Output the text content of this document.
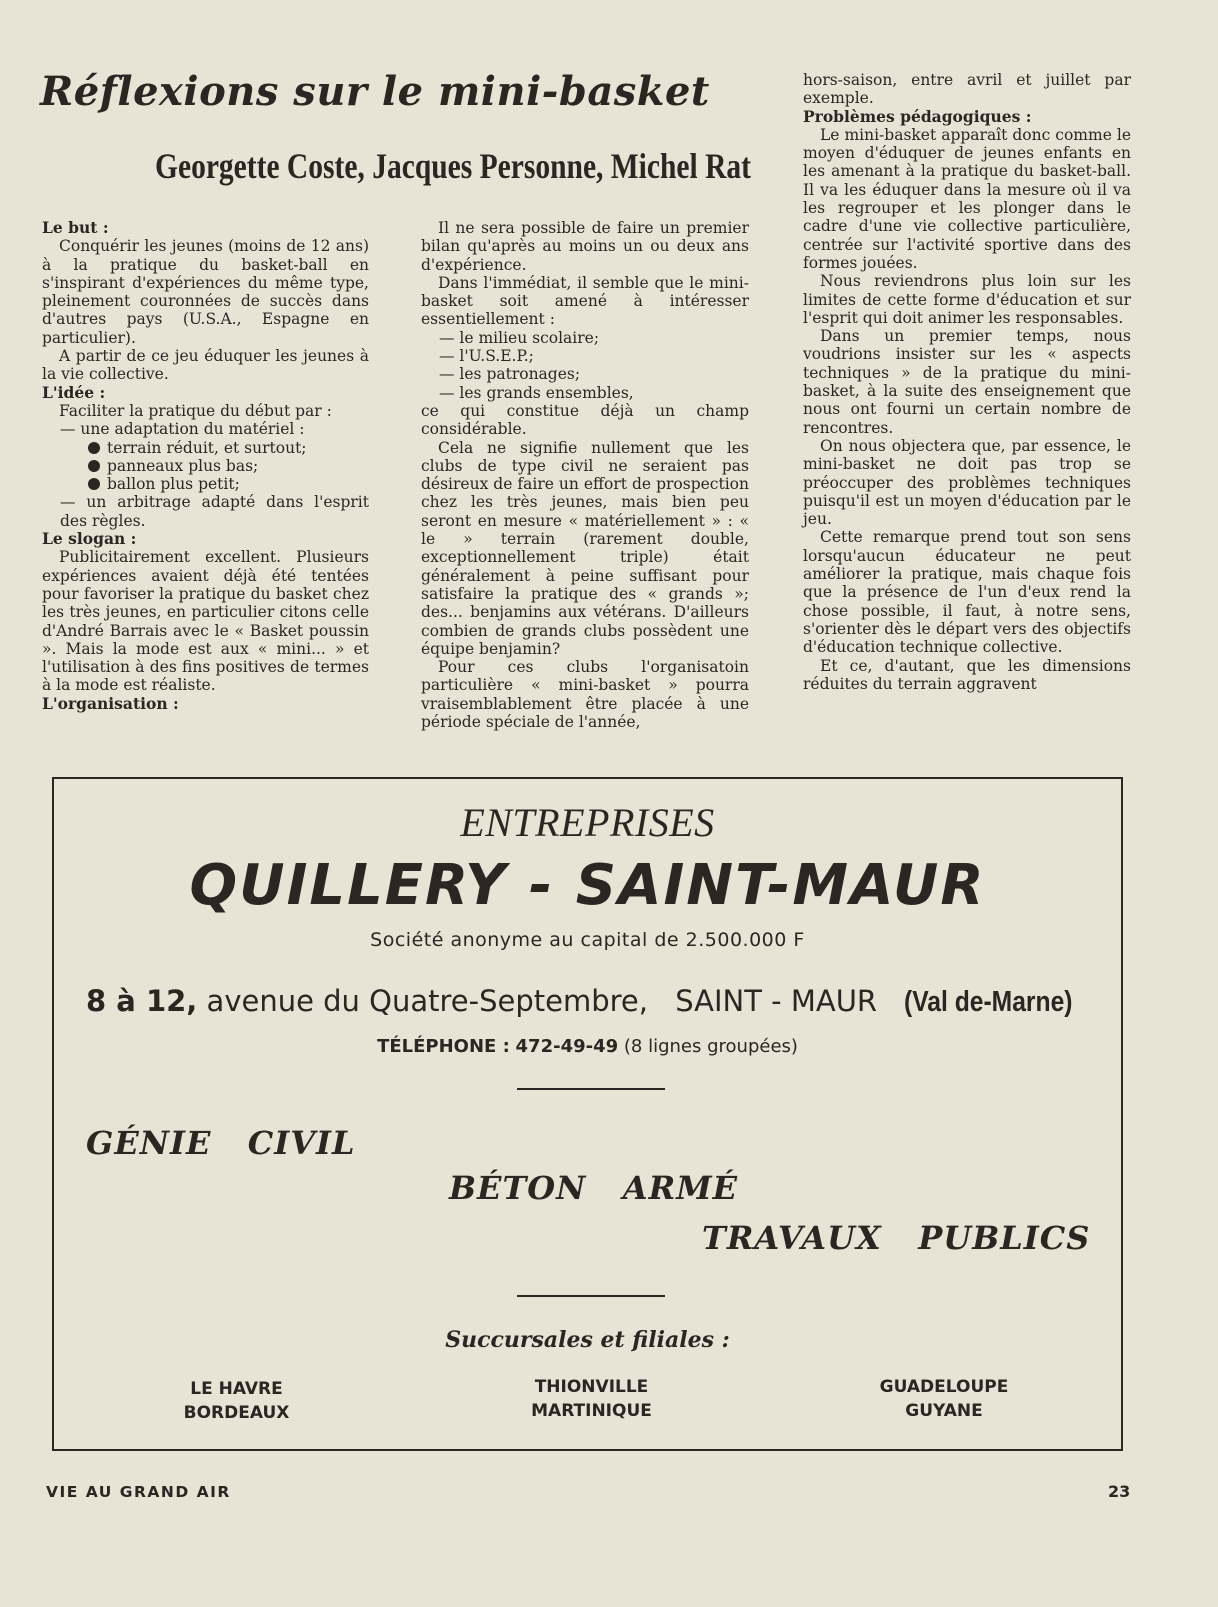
Réflexions sur le mini-basket
Georgette Coste, Jacques Personne, Michel Rat

Le but :

Conquérir les jeunes (moins de 12 ans) à la pratique du basket-ball en s'inspirant d'expériences du même type, pleinement couronnées de succès dans d'autres pays (U.S.A., Espagne en particulier).

A partir de ce jeu éduquer les jeunes à la vie collective.

L'idée :

Faciliter la pratique du début par :

— une adaptation du matériel :

terrain réduit, et surtout;

panneaux plus bas;

ballon plus petit;

— un arbitrage adapté dans l'esprit des règles.

Le slogan :

Publicitairement excellent. Plusieurs expériences avaient déjà été tentées pour favoriser la pratique du basket chez les très jeunes, en particulier citons celle d'André Barrais avec le « Basket poussin ». Mais la mode est aux « mini... » et l'utilisation à des fins positives de termes à la mode est réaliste.

L'organisation :

Il ne sera possible de faire un premier bilan qu'après au moins un ou deux ans d'expérience.

Dans l'immédiat, il semble que le mini-basket soit amené à intéresser essentiellement :

— le milieu scolaire;

— l'U.S.E.P.;

— les patronages;

— les grands ensembles,

ce qui constitue déjà un champ considérable.

Cela ne signifie nullement que les clubs de type civil ne seraient pas désireux de faire un effort de prospection chez les très jeunes, mais bien peu seront en mesure « matériellement » : « le » terrain (rarement double, exceptionnellement triple) était généralement à peine suffisant pour satisfaire la pratique des « grands »; des... benjamins aux vétérans. D'ailleurs combien de grands clubs possèdent une équipe benjamin?

Pour ces clubs l'organisatoin particulière « mini-basket » pourra vraisemblablement être placée à une période spéciale de l'année,

hors-saison, entre avril et juillet par exemple.

Problèmes pédagogiques :

Le mini-basket apparaît donc comme le moyen d'éduquer de jeunes enfants en les amenant à la pratique du basket-ball. Il va les éduquer dans la mesure où il va les regrouper et les plonger dans le cadre d'une vie collective particulière, centrée sur l'activité sportive dans des formes jouées.

Nous reviendrons plus loin sur les limites de cette forme d'éducation et sur l'esprit qui doit animer les responsables.

Dans un premier temps, nous voudrions insister sur les « aspects techniques » de la pratique du mini-basket, à la suite des enseignement que nous ont fourni un certain nombre de rencontres.

On nous objectera que, par essence, le mini-basket ne doit pas trop se préoccuper des problèmes techniques puisqu'il est un moyen d'éducation par le jeu.

Cette remarque prend tout son sens lorsqu'aucun éducateur ne peut améliorer la pratique, mais chaque fois que la présence de l'un d'eux rend la chose possible, il faut, à notre sens, s'orienter dès le départ vers des objectifs d'éducation technique collective.

Et ce, d'autant, que les dimensions réduites du terrain aggravent

ENTREPRISES

QUILLERY - SAINT-MAUR

Société anonyme au capital de 2.500.000 F

8 à 12, avenue du Quatre-Septembre, SAINT - MAUR (Val de-Marne)

TÉLÉPHONE : 472-49-49 (8 lignes groupées)

GÉNIE   CIVIL

BÉTON   ARMÉ

TRAVAUX   PUBLICS

Succursales et filiales :

LE HAVRE
BORDEAUX
THIONVILLE
MARTINIQUE
GUADELOUPE
GUYANE
VIE AU GRAND AIR	23
